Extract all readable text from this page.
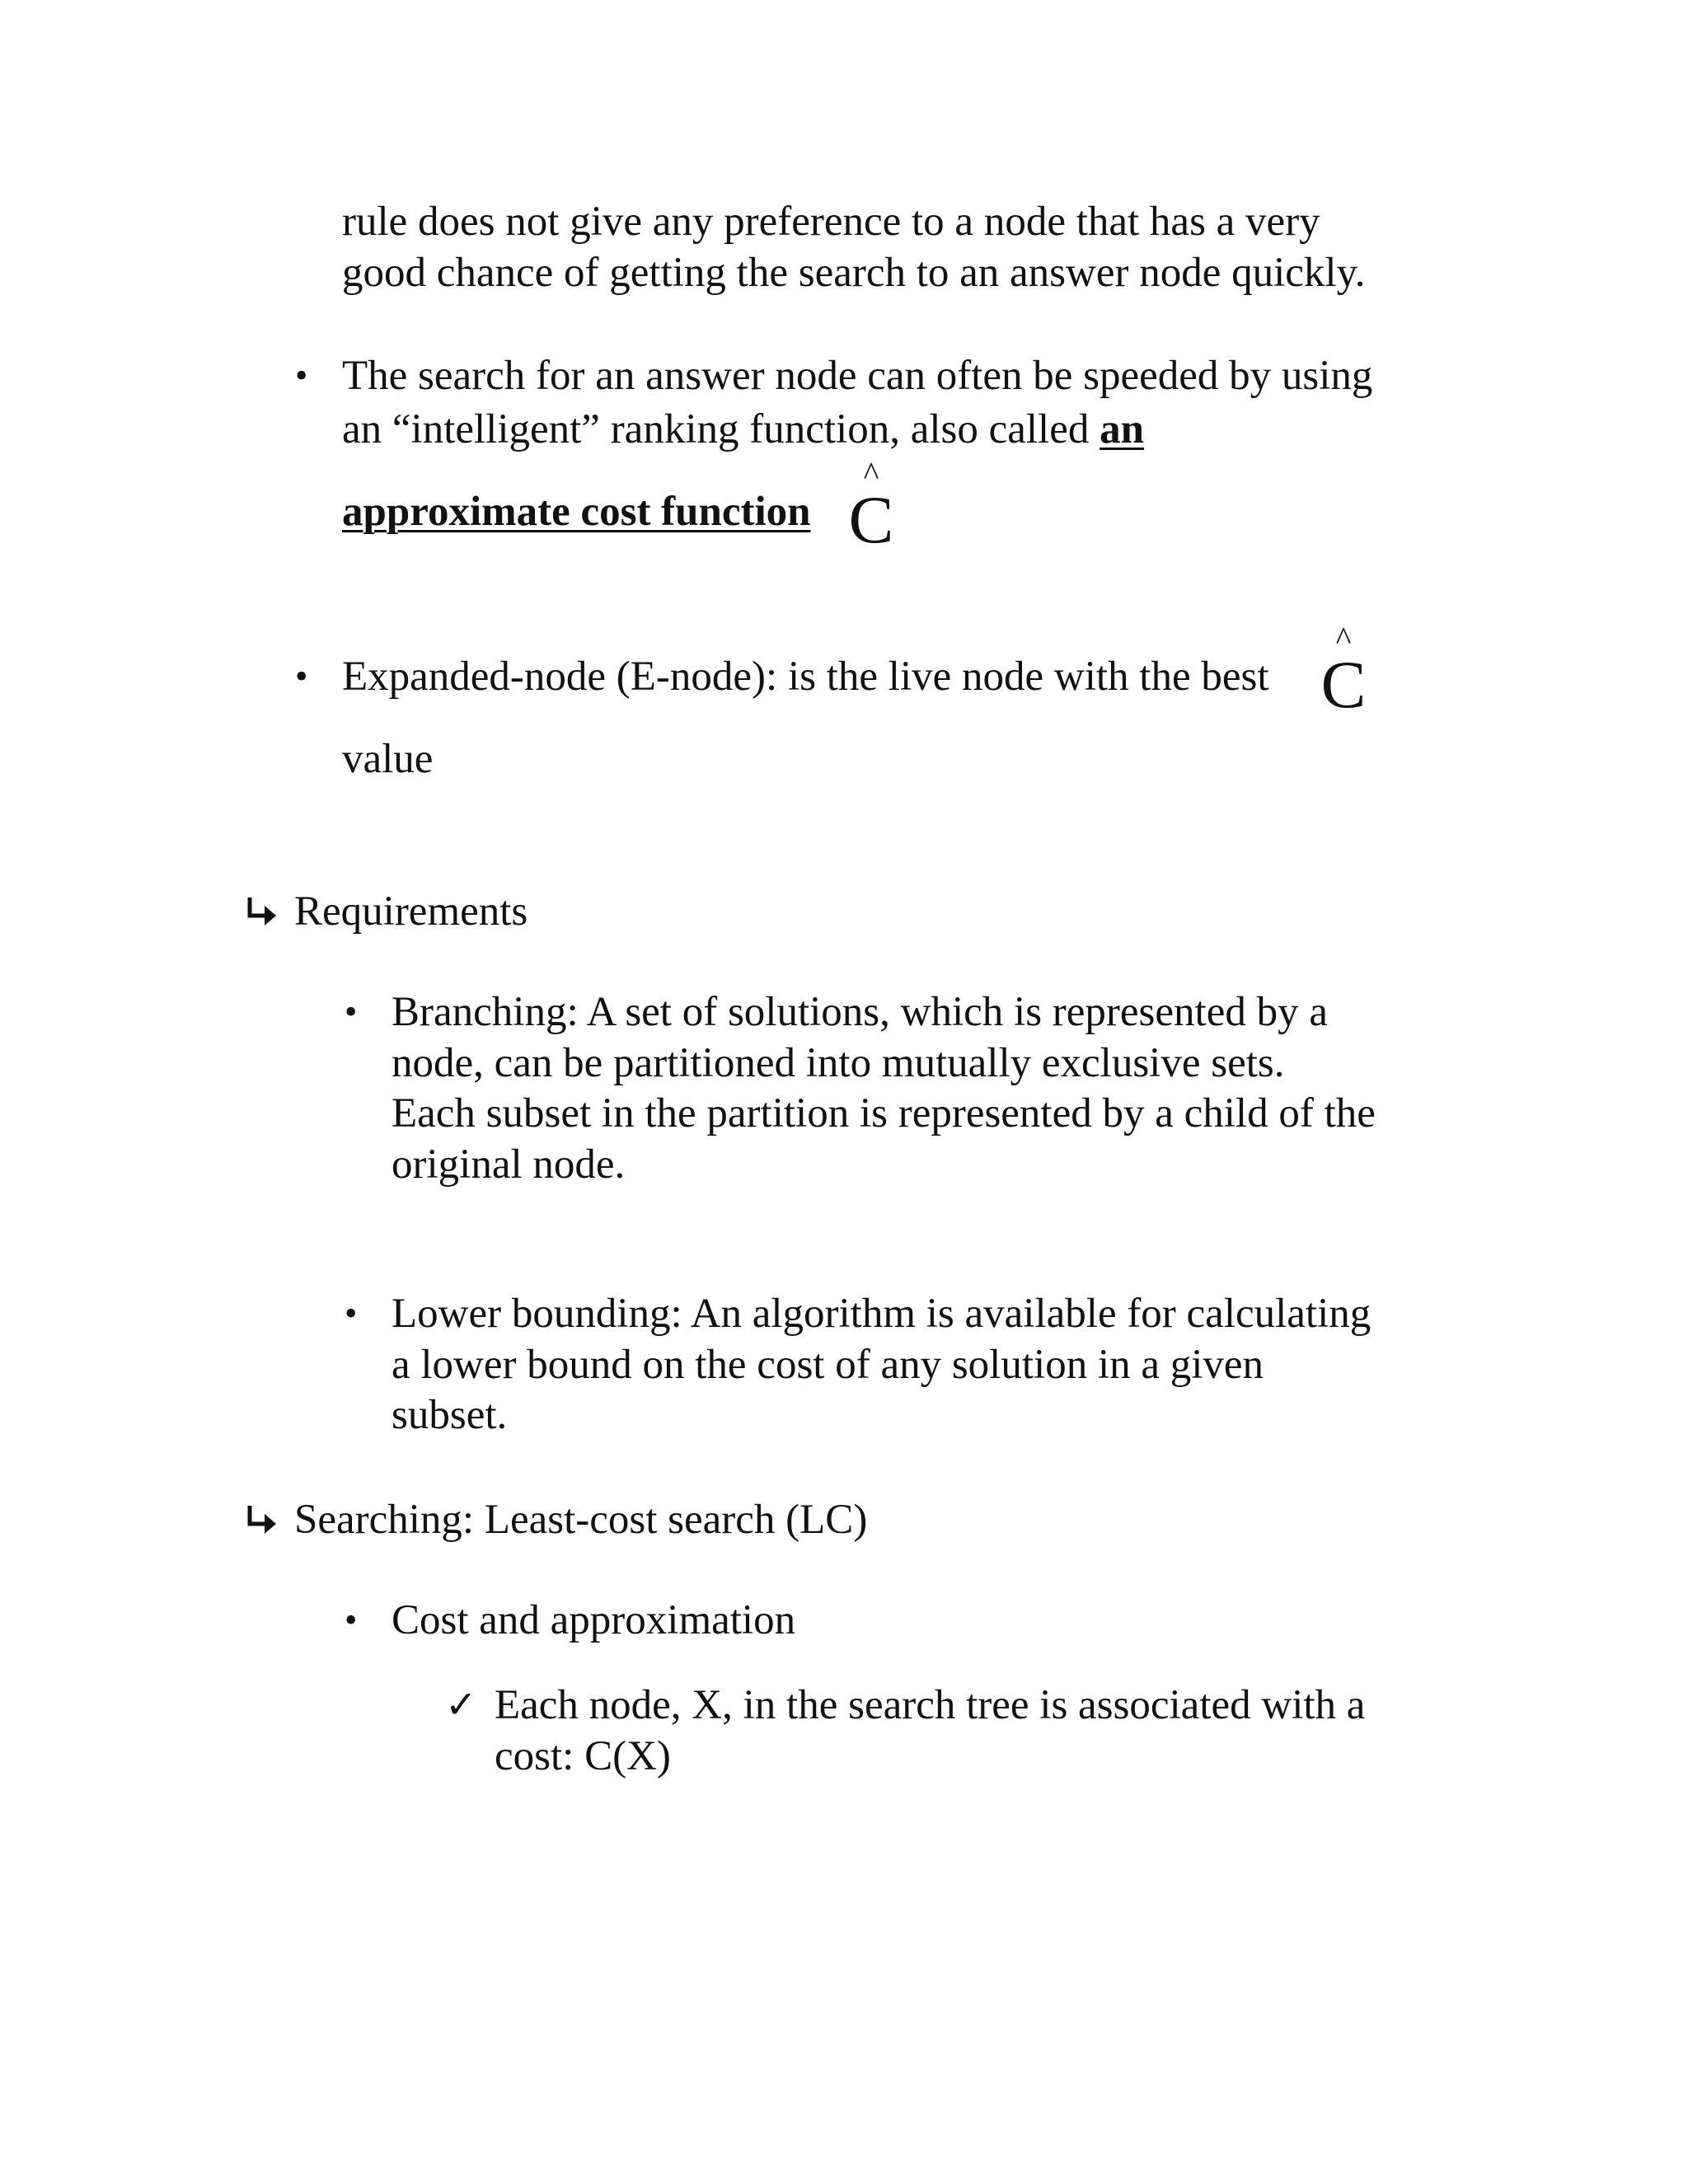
rule does not give any preference to a node that has a very
good chance of getting the search to an answer node quickly.
• The search for an answer node can often be speeded by using
an “intelligent” ranking function, also called an
approximate cost function
^
C
• Expanded-node (E-node): is the live node with the best
value
^
C
Requirements
• Branching: A set of solutions, which is represented by a
node, can be partitioned into mutually exclusive sets.
Each subset in the partition is represented by a child of the
original node.
• Lower bounding: An algorithm is available for calculating
a lower bound on the cost of any solution in a given
subset.
Searching: Least-cost search (LC)
• Cost and approximation
✓ Each node, X, in the search tree is associated with a
cost: C(X)
